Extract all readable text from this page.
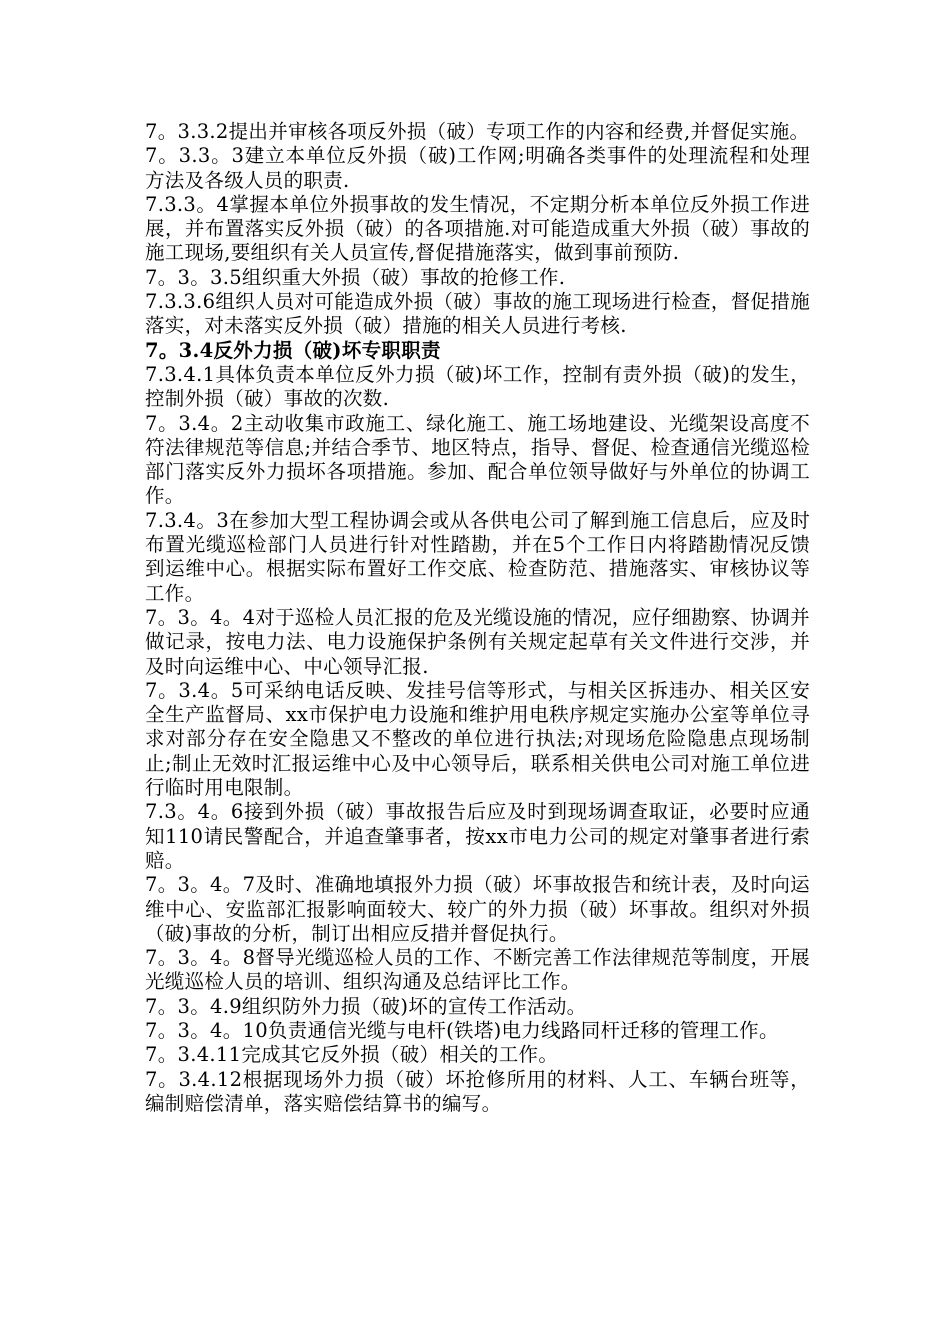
7。3.3.2提出并审核各项反外损（破）专项工作的内容和经费,并督促实施。

7。3.3。3建立本单位反外损（破)工作网;明确各类事件的处理流程和处理方法及各级人员的职责.

7.3.3。4掌握本单位外损事故的发生情况，不定期分析本单位反外损工作进展，并布置落实反外损（破）的各项措施.对可能造成重大外损（破）事故的施工现场,要组织有关人员宣传,督促措施落实，做到事前预防.

7。3。3.5组织重大外损（破）事故的抢修工作.

7.3.3.6组织人员对可能造成外损（破）事故的施工现场进行检查，督促措施落实，对未落实反外损（破）措施的相关人员进行考核.

7。3.4反外力损（破)坏专职职责

7.3.4.1具体负责本单位反外力损（破)坏工作，控制有责外损（破)的发生，控制外损（破）事故的次数.

7。3.4。2主动收集市政施工、绿化施工、施工场地建设、光缆架设高度不符法律规范等信息;并结合季节、地区特点，指导、督促、检查通信光缆巡检部门落实反外力损坏各项措施。参加、配合单位领导做好与外单位的协调工作。

7.3.4。3在参加大型工程协调会或从各供电公司了解到施工信息后，应及时布置光缆巡检部门人员进行针对性踏勘，并在5个工作日内将踏勘情况反馈到运维中心。根据实际布置好工作交底、检查防范、措施落实、审核协议等工作。

7。3。4。4对于巡检人员汇报的危及光缆设施的情况，应仔细勘察、协调并做记录，按电力法、电力设施保护条例有关规定起草有关文件进行交涉，并及时向运维中心、中心领导汇报.

7。3.4。5可采纳电话反映、发挂号信等形式，与相关区拆违办、相关区安全生产监督局、xx市保护电力设施和维护用电秩序规定实施办公室等单位寻求对部分存在安全隐患又不整改的单位进行执法;对现场危险隐患点现场制止;制止无效时汇报运维中心及中心领导后，联系相关供电公司对施工单位进行临时用电限制。

7.3。4。6接到外损（破）事故报告后应及时到现场调查取证，必要时应通知110请民警配合，并追查肇事者，按xx市电力公司的规定对肇事者进行索赔。

7。3。4。7及时、准确地填报外力损（破）坏事故报告和统计表，及时向运维中心、安监部汇报影响面较大、较广的外力损（破）坏事故。组织对外损（破)事故的分析，制订出相应反措并督促执行。

7。3。4。8督导光缆巡检人员的工作、不断完善工作法律规范等制度，开展光缆巡检人员的培训、组织沟通及总结评比工作。

7。3。4.9组织防外力损（破)坏的宣传工作活动。

7。3。4。10负责通信光缆与电杆(铁塔)电力线路同杆迁移的管理工作。

7。3.4.11完成其它反外损（破）相关的工作。

7。3.4.12根据现场外力损（破）坏抢修所用的材料、人工、车辆台班等，编制赔偿清单，落实赔偿结算书的编写。
